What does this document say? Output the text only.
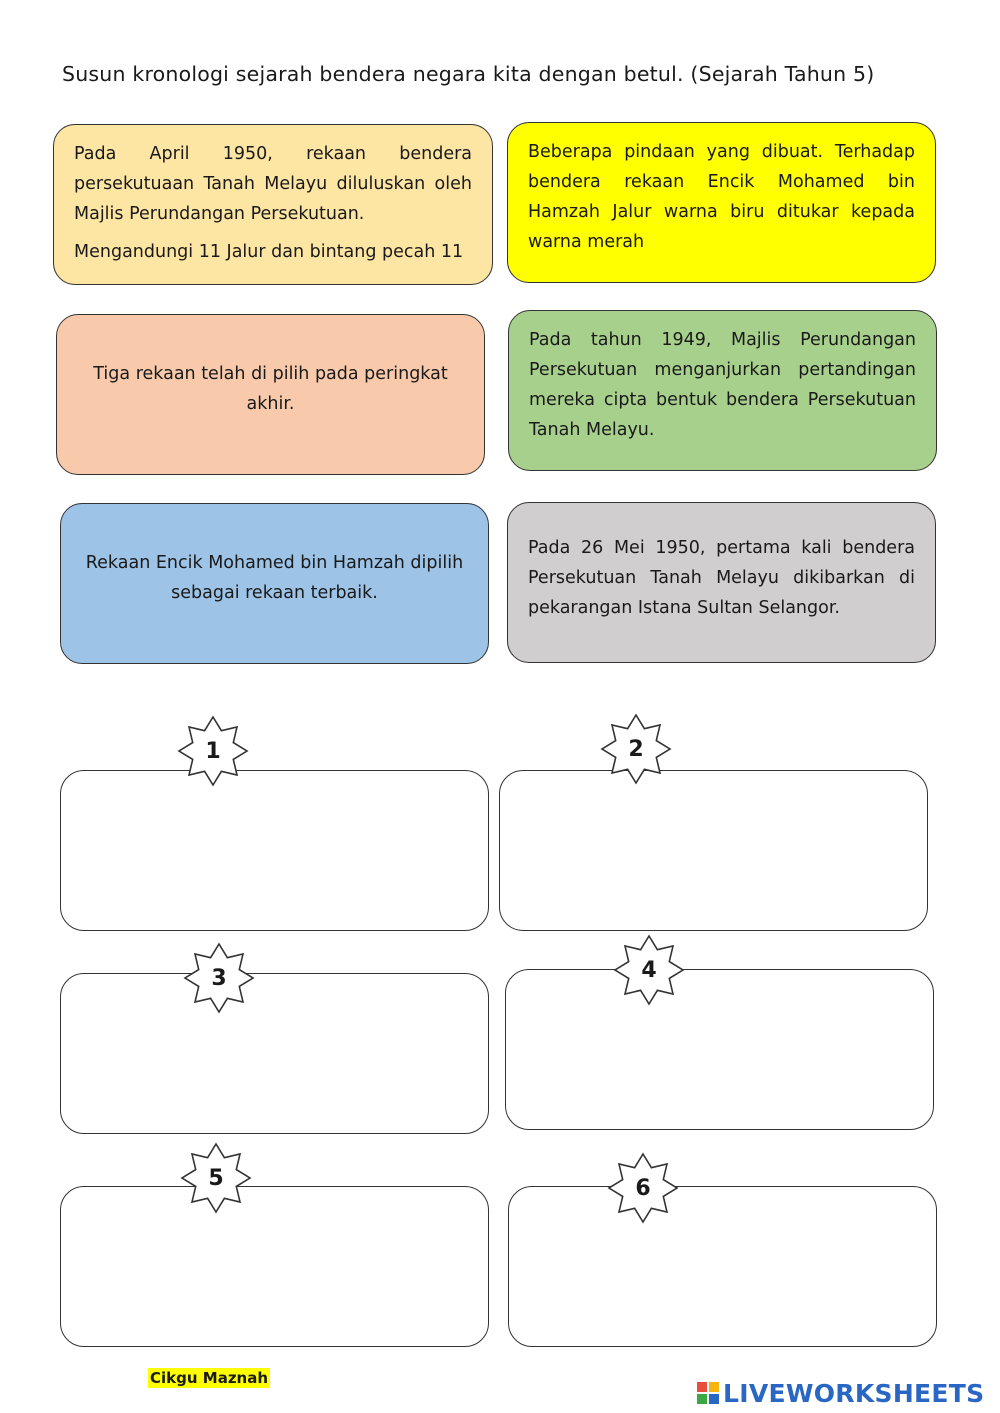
Susun kronologi sejarah bendera negara kita dengan betul. (Sejarah Tahun 5)

Pada April 1950, rekaan bendera persekutuaan Tanah Melayu diluluskan oleh Majlis Perundangan Persekutuan.

Mengandungi 11 Jalur dan bintang pecah 11

Beberapa pindaan yang dibuat. Terhadap bendera rekaan Encik Mohamed bin Hamzah Jalur warna biru ditukar kepada warna merah

Tiga rekaan telah di pilih pada peringkat akhir.

Pada tahun 1949, Majlis Perundangan Persekutuan menganjurkan pertandingan mereka cipta bentuk bendera Persekutuan Tanah Melayu.

Rekaan Encik Mohamed bin Hamzah dipilih sebagai rekaan terbaik.

Pada 26 Mei 1950, pertama kali bendera Persekutuan Tanah Melayu dikibarkan di pekarangan Istana Sultan Selangor.

1	2
3	4
5	6
Cikgu Maznah
LIVEWORKSHEETS
